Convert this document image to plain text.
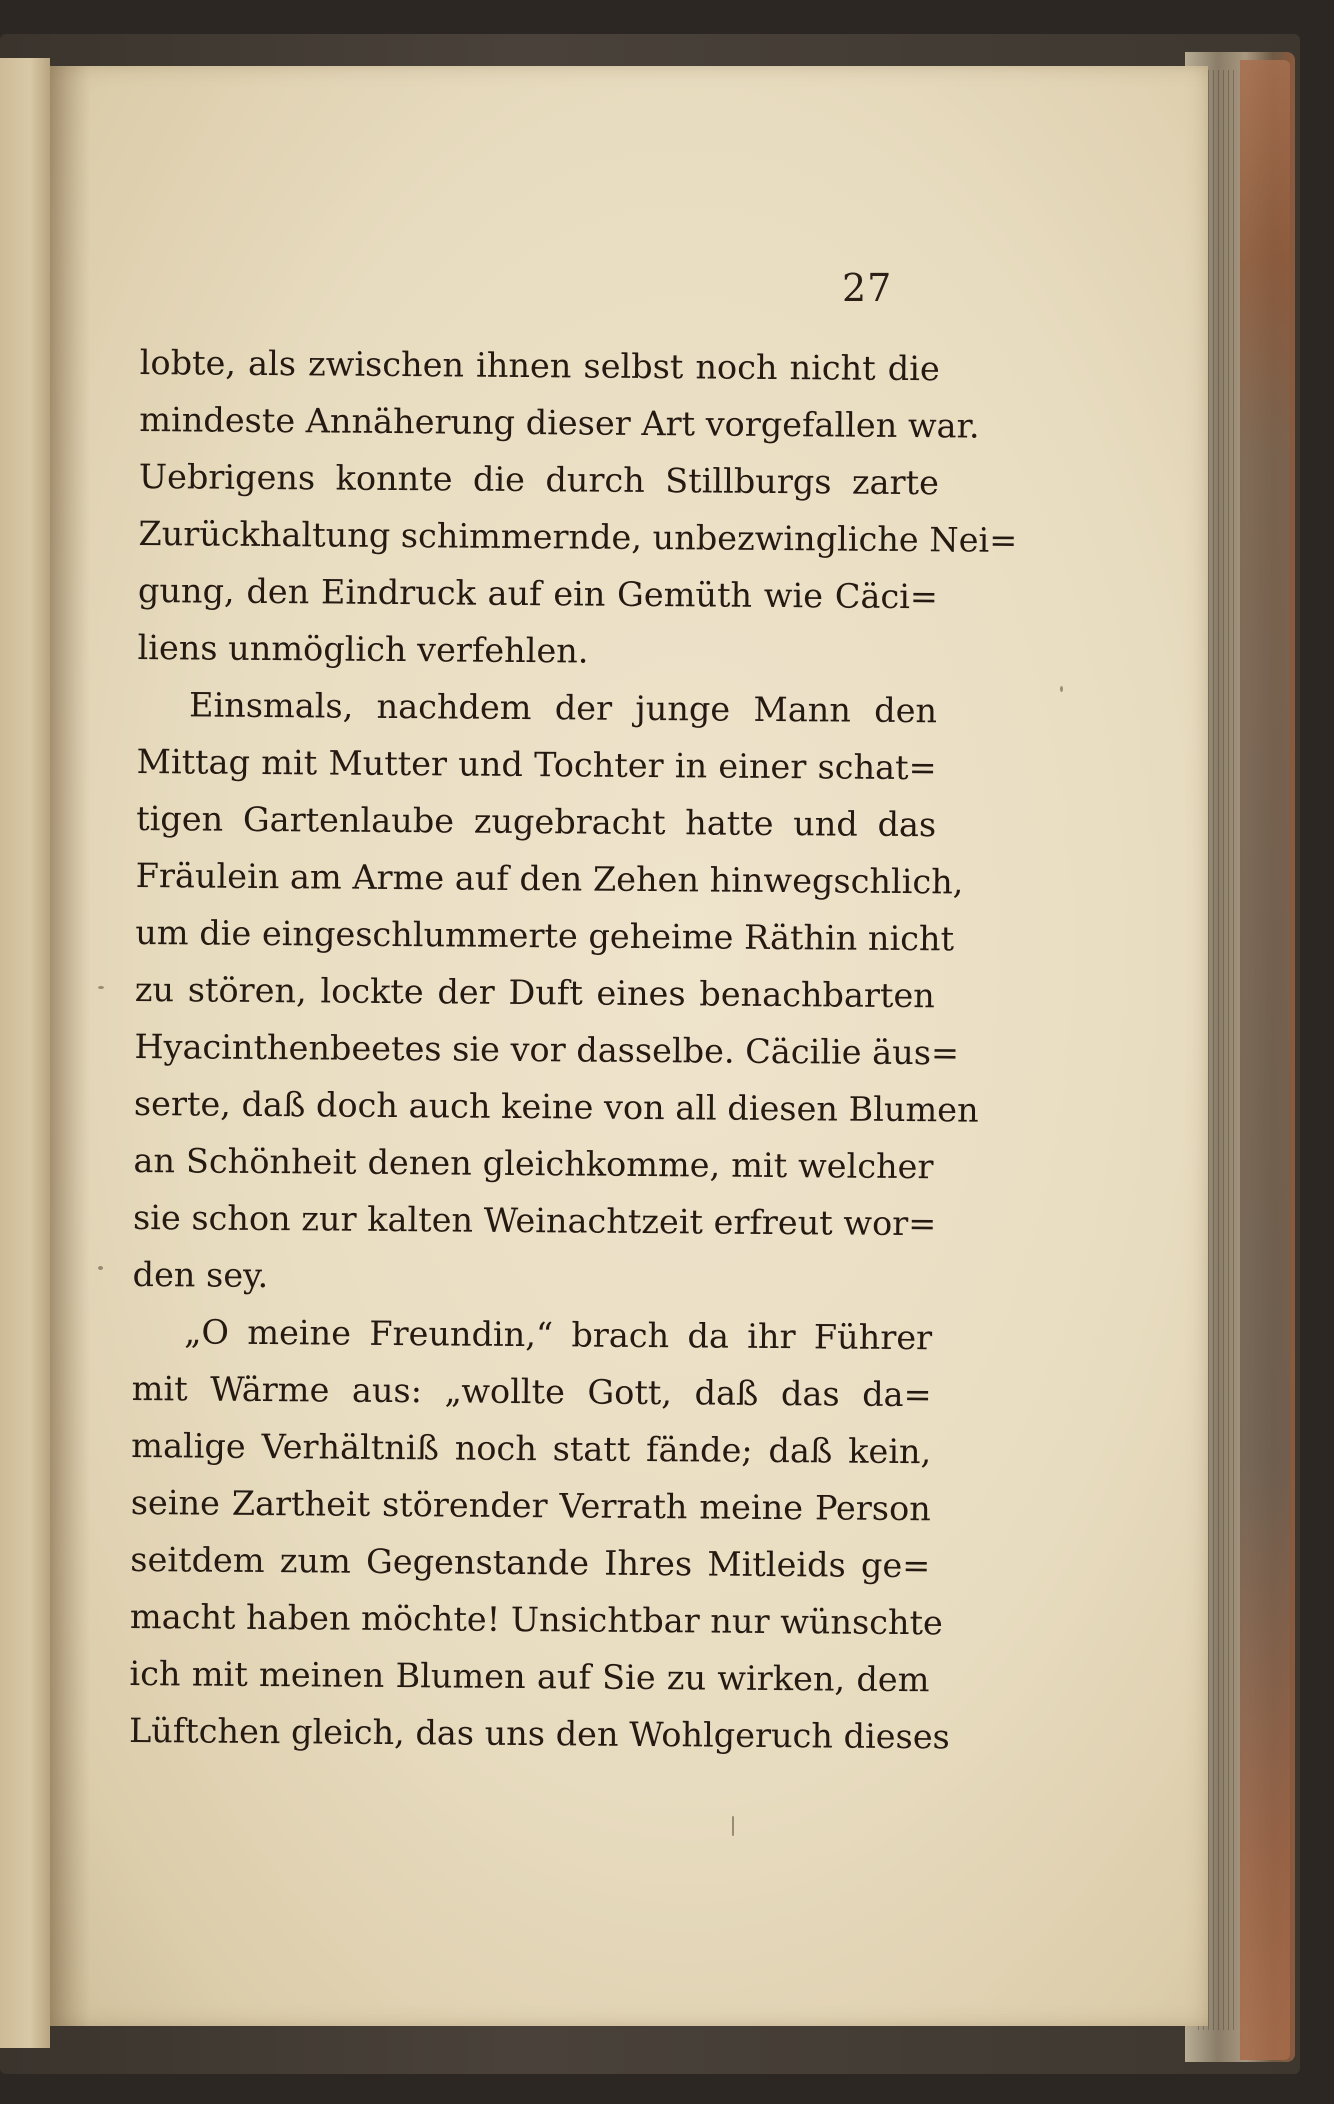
27
lobte, als zwischen ihnen selbst noch nicht die
mindeste Annäherung dieser Art vorgefallen war.
Uebrigens konnte die durch Stillburgs zarte
Zurückhaltung schimmernde, unbezwingliche Nei=
gung, den Eindruck auf ein Gemüth wie Cäci=
liens unmöglich verfehlen.
Einsmals, nachdem der junge Mann den
Mittag mit Mutter und Tochter in einer schat=
tigen Gartenlaube zugebracht hatte und das
Fräulein am Arme auf den Zehen hinwegschlich,
um die eingeschlummerte geheime Räthin nicht
zu stören, lockte der Duft eines benachbarten
Hyacinthenbeetes sie vor dasselbe. Cäcilie äus=
serte, daß doch auch keine von all diesen Blumen
an Schönheit denen gleichkomme, mit welcher
sie schon zur kalten Weinachtzeit erfreut wor=
den sey.
„O meine Freundin,“ brach da ihr Führer
mit Wärme aus: „wollte Gott, daß das da=
malige Verhältniß noch statt fände; daß kein,
seine Zartheit störender Verrath meine Person
seitdem zum Gegenstande Ihres Mitleids ge=
macht haben möchte! Unsichtbar nur wünschte
ich mit meinen Blumen auf Sie zu wirken, dem
Lüftchen gleich, das uns den Wohlgeruch dieses
